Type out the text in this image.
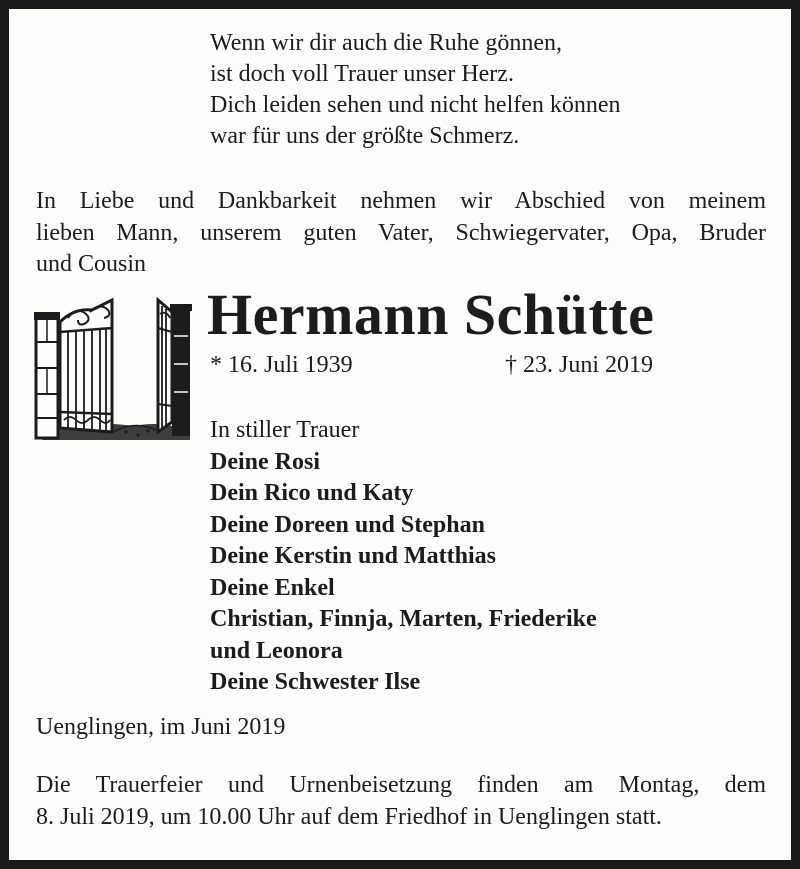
Wenn wir dir auch die Ruhe gönnen,
ist doch voll Trauer unser Herz.
Dich leiden sehen und nicht helfen können
war für uns der größte Schmerz.
In Liebe und Dankbarkeit nehmen wir Abschied von meinem
lieben Mann, unserem guten Vater, Schwiegervater, Opa, Bruder
und Cousin
Hermann Schütte
* 16. Juli 1939	† 23. Juni 2019
In stiller Trauer
Deine Rosi
Dein Rico und Katy
Deine Doreen und Stephan
Deine Kerstin und Matthias
Deine Enkel
Christian, Finnja, Marten, Friederike
und Leonora
Deine Schwester Ilse
Uenglingen, im Juni 2019
Die Trauerfeier und Urnenbeisetzung finden am Montag, dem
8. Juli 2019, um 10.00 Uhr auf dem Friedhof in Uenglingen statt.
